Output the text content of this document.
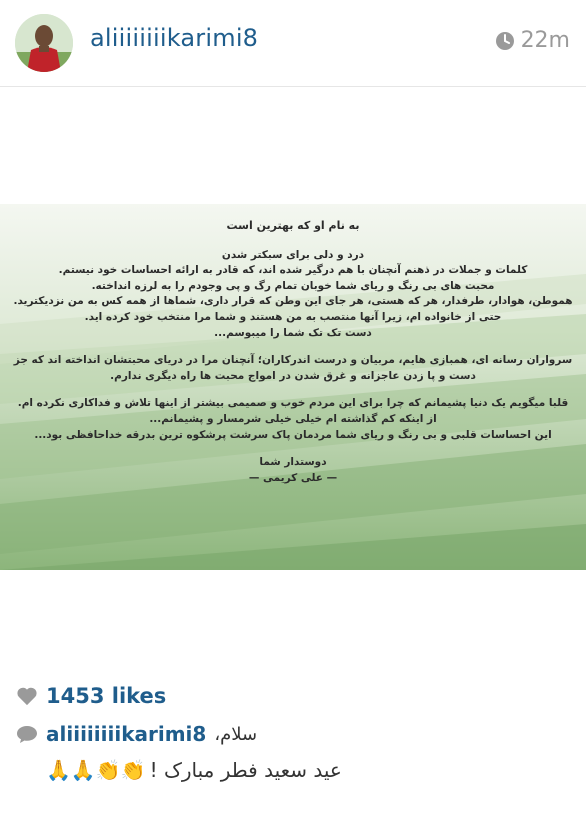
aliiiiiiiikarimi8	22m

به نام او که بهترین است

درد و دلی برای سبکتر شدن

کلمات و جملات در ذهنم آنچنان با هم درگیر شده اند، که قادر به ارائه احساسات خود نیستم.

محبت های بی رنگ و ریای شما خوبان تمام رگ و پی وجودم را به لرزه انداخته.

هموطن، هوادار، طرفدار، هر که هستی، هر جای این وطن که قرار داری، شماها از همه کس به من نزدیکترید.

حتی از خانواده ام، زیرا آنها منتصب به من هستند و شما مرا منتخب خود کرده اید.

دست تک تک شما را میبوسم...

سرواران رسانه ای، همبازی هایم، مربیان و درست اندرکاران؛ آنچنان مرا در دریای محبتشان انداخته اند که جز

دست و پا زدن عاجزانه و غرق شدن در امواج محبت ها راه دیگری ندارم.

قلبا میگویم یک دنیا پشیمانم که چرا برای این مردم خوب و صمیمی بیشتر از اینها تلاش و فداکاری نکرده ام.

از اینکه کم گذاشته ام خیلی خیلی شرمسار و پشیمانم...

این احساسات قلبی و بی رنگ و ریای شما مردمان پاک سرشت پرشکوه ترین بدرقه خداحافظی بود...

دوستدار شما

— علی کریمی —

1453 likes
aliiiiiiiikarimi8 سلام،
🙏🙏👏👏 عید سعید فطر مبارک !
